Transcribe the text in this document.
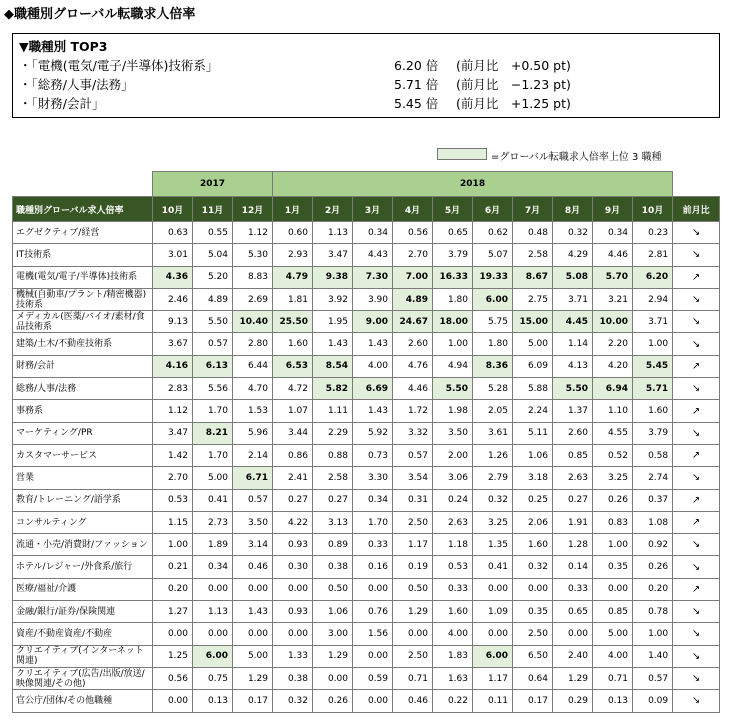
◆職種別グローバル転職求人倍率
▼職種別 TOP3
・「電機(電気/電子/半導体)技術系」	6.20 倍 (前月比　+0.50 pt)
・「総務/人事/法務」	5.71 倍 (前月比　−1.23 pt)
・「財務/会計」	5.45 倍 (前月比　+1.25 pt)
=グローバル転職求人倍率上位 3 職種
	2017			2018										
職種別グローバル求人倍率	10月	11月	12月	1月	2月	3月	4月	5月	6月	7月	8月	9月	10月	前月比
エグゼクティブ/経営	0.63	0.55	1.12	0.60	1.13	0.34	0.56	0.65	0.62	0.48	0.32	0.34	0.23	↘
IT技術系	3.01	5.04	5.30	2.93	3.47	4.43	2.70	3.79	5.07	2.58	4.29	4.46	2.81	↘
電機(電気/電子/半導体)技術系	4.36	5.20	8.83	4.79	9.38	7.30	7.00	16.33	19.33	8.67	5.08	5.70	6.20	↗
機械(自動車/プラント/精密機器)技術系	2.46	4.89	2.69	1.81	3.92	3.90	4.89	1.80	6.00	2.75	3.71	3.21	2.94	↘
メディカル(医薬/バイオ/素材/食品技術系	9.13	5.50	10.40	25.50	1.95	9.00	24.67	18.00	5.75	15.00	4.45	10.00	3.71	↘
建築/土木/不動産技術系	3.67	0.57	2.80	1.60	1.43	1.43	2.60	1.00	1.80	5.00	1.14	2.20	1.00	↘
財務/会計	4.16	6.13	6.44	6.53	8.54	4.00	4.76	4.94	8.36	6.09	4.13	4.20	5.45	↗
総務/人事/法務	2.83	5.56	4.70	4.72	5.82	6.69	4.46	5.50	5.28	5.88	5.50	6.94	5.71	↘
事務系	1.12	1.70	1.53	1.07	1.11	1.43	1.72	1.98	2.05	2.24	1.37	1.10	1.60	↗
マーケティング/PR	3.47	8.21	5.96	3.44	2.29	5.92	3.32	3.50	3.61	5.11	2.60	4.55	3.79	↘
カスタマーサービス	1.42	1.70	2.14	0.86	0.88	0.73	0.57	2.00	1.26	1.06	0.85	0.52	0.58	↗
営業	2.70	5.00	6.71	2.41	2.58	3.30	3.54	3.06	2.79	3.18	2.63	3.25	2.74	↘
教育/トレーニング/語学系	0.53	0.41	0.57	0.27	0.27	0.34	0.31	0.24	0.32	0.25	0.27	0.26	0.37	↗
コンサルティング	1.15	2.73	3.50	4.22	3.13	1.70	2.50	2.63	3.25	2.06	1.91	0.83	1.08	↗
流通・小売/消費財/ファッション	1.00	1.89	3.14	0.93	0.89	0.33	1.17	1.18	1.35	1.60	1.28	1.00	0.92	↘
ホテル/レジャー/外食系/旅行	0.21	0.34	0.46	0.30	0.38	0.16	0.19	0.53	0.41	0.32	0.14	0.35	0.26	↘
医療/福祉/介護	0.20	0.00	0.00	0.00	0.50	0.00	0.50	0.33	0.00	0.00	0.33	0.00	0.20	↗
金融/銀行/証券/保険関連	1.27	1.13	1.43	0.93	1.06	0.76	1.29	1.60	1.09	0.35	0.65	0.85	0.78	↘
資産/不動産資産/不動産	0.00	0.00	0.00	0.00	3.00	1.56	0.00	4.00	0.00	2.50	0.00	5.00	1.00	↘
クリエイティブ(インターネット関連)	1.25	6.00	5.00	1.33	1.29	0.00	2.50	1.83	6.00	6.50	2.40	4.00	1.40	↘
クリエイティブ(広告/出版/放送/映像関連/その他)	0.56	0.75	1.29	0.38	0.00	0.59	0.71	1.63	1.17	0.64	1.29	0.71	0.57	↘
官公庁/団体/その他職種	0.00	0.13	0.17	0.32	0.26	0.00	0.46	0.22	0.11	0.17	0.29	0.13	0.09	↘
